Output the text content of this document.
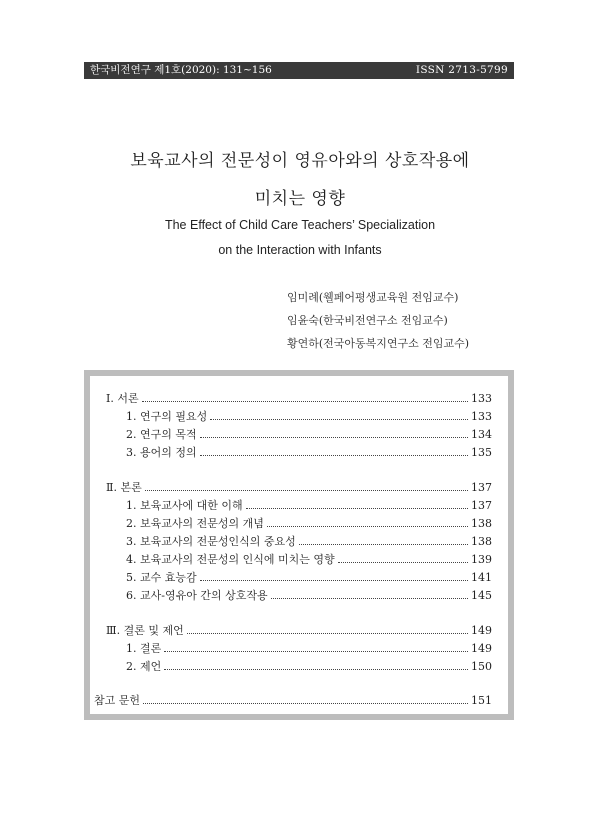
한국비전연구 제1호(2020): 131~156	ISSN 2713-5799
보육교사의 전문성이 영유아와의 상호작용에
미치는 영향
The Effect of Child Care Teachers’ Specialization
on the Interaction with Infants
임미례(웰페어평생교육원 전임교수)
임윤숙(한국비전연구소 전임교수)
황연하(전국아동복지연구소 전임교수)
Ⅰ. 서론	133
1. 연구의 필요성	133
2. 연구의 목적	134
3. 용어의 정의	135
Ⅱ. 본론	137
1. 보육교사에 대한 이해	137
2. 보육교사의 전문성의 개념	138
3. 보육교사의 전문성인식의 중요성	138
4. 보육교사의 전문성의 인식에 미치는 영향	139
5. 교수 효능감	141
6. 교사-영유아 간의 상호작용	145
Ⅲ. 결론 및 제언	149
1. 결론	149
2. 제언	150
참고 문헌	151
